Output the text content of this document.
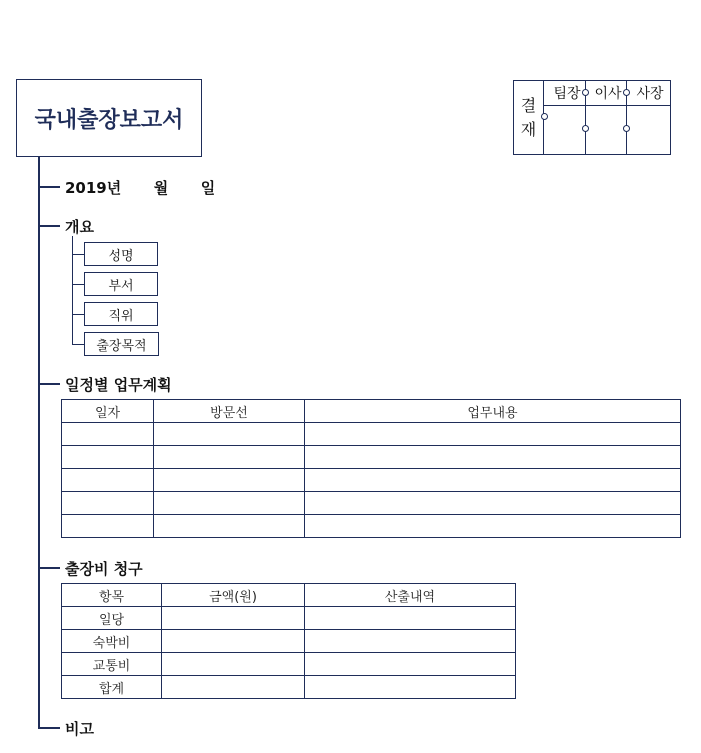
국내출장보고서
결
재
팀장 이사	사장
2019년 월 일
개요
성명
부서
직위
출장목적
일정별 업무계획
일자	방문선	업무내용

출장비 청구
항목	금액(원)	산출내역
일당		
숙박비		
교통비		
합계		
비고
